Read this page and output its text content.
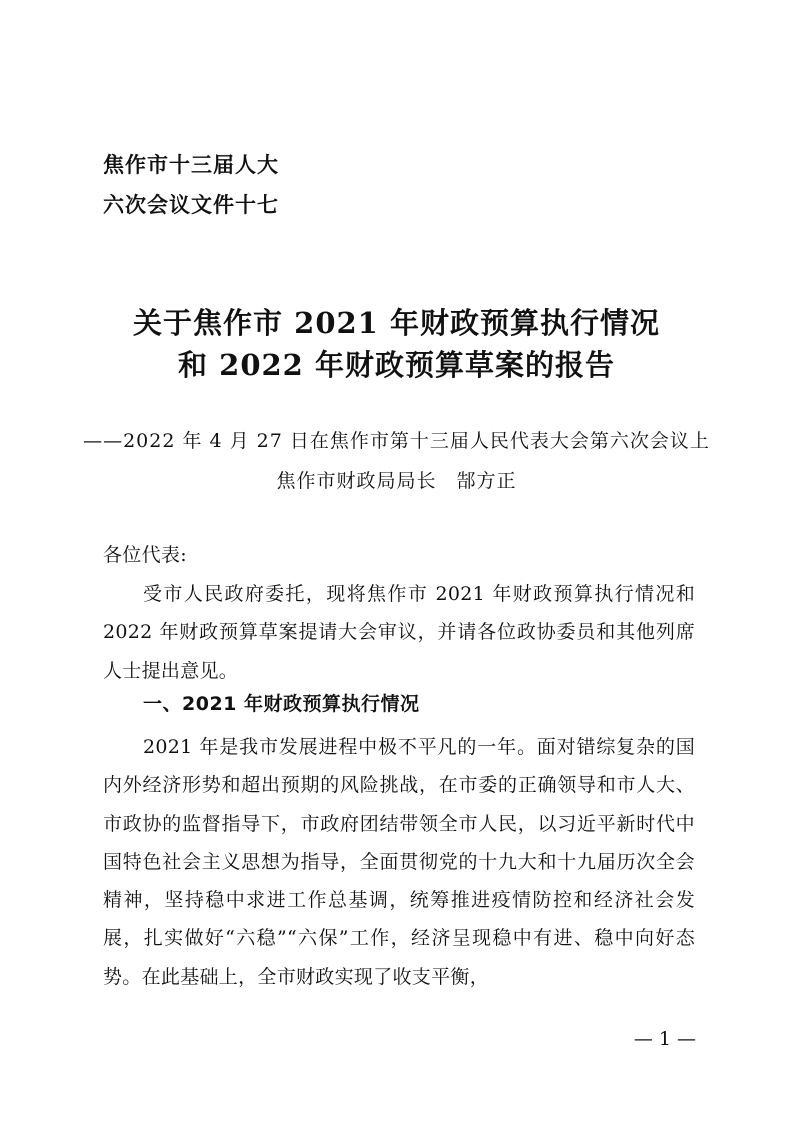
焦作市十三届人大
六次会议文件十七
关于焦作市 2021 年财政预算执行情况
和 2022 年财政预算草案的报告
——2022 年 4 月 27 日在焦作市第十三届人民代表大会第六次会议上
焦作市财政局局长　郜方正
各位代表:
受市人民政府委托，现将焦作市 2021 年财政预算执行情况和 2022 年财政预算草案提请大会审议，并请各位政协委员和其他列席人士提出意见。
一、2021 年财政预算执行情况
2021 年是我市发展进程中极不平凡的一年。面对错综复杂的国内外经济形势和超出预期的风险挑战，在市委的正确领导和市人大、市政协的监督指导下，市政府团结带领全市人民，以习近平新时代中国特色社会主义思想为指导，全面贯彻党的十九大和十九届历次全会精神，坚持稳中求进工作总基调，统筹推进疫情防控和经济社会发展，扎实做好“六稳”“六保”工作，经济呈现稳中有进、稳中向好态势。在此基础上，全市财政实现了收支平衡，
— 1 —
